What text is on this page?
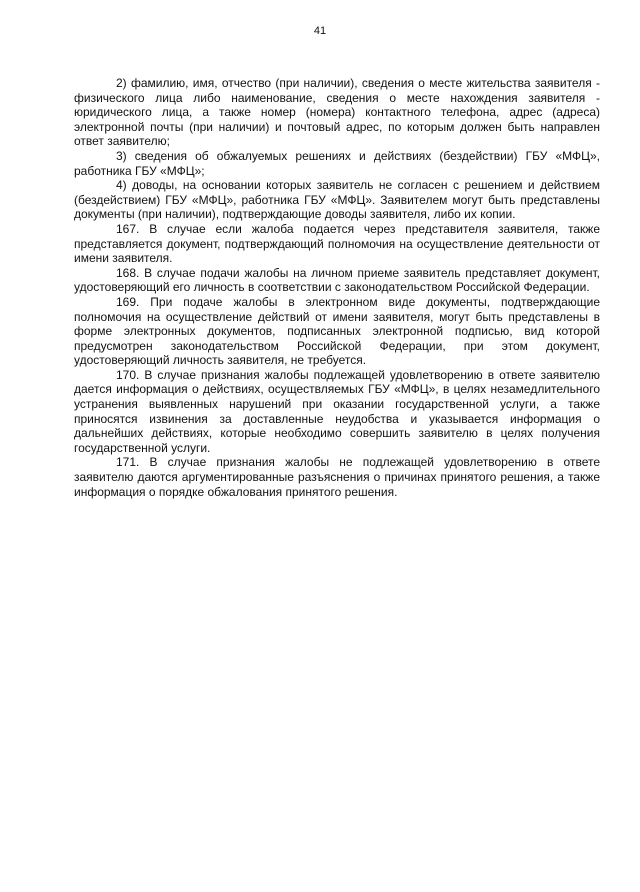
41

2) фамилию, имя, отчество (при наличии), сведения о месте жительства заявителя - физического лица либо наименование, сведения о месте нахождения заявителя - юридического лица, а также номер (номера) контактного телефона, адрес (адреса) электронной почты (при наличии) и почтовый адрес, по которым должен быть направлен ответ заявителю;

3) сведения об обжалуемых решениях и действиях (бездействии) ГБУ «МФЦ», работника ГБУ «МФЦ»;

4) доводы, на основании которых заявитель не согласен с решением и действием (бездействием) ГБУ «МФЦ», работника ГБУ «МФЦ». Заявителем могут быть представлены документы (при наличии), подтверждающие доводы заявителя, либо их копии.

167. В случае если жалоба подается через представителя заявителя, также представляется документ, подтверждающий полномочия на осуществление деятельности от имени заявителя.

168. В случае подачи жалобы на личном приеме заявитель представляет документ, удостоверяющий его личность в соответствии с законодательством Российской Федерации.

169. При подаче жалобы в электронном виде документы, подтверждающие полномочия на осуществление действий от имени заявителя, могут быть представлены в форме электронных документов, подписанных электронной подписью, вид которой предусмотрен законодательством Российской Федерации, при этом документ, удостоверяющий личность заявителя, не требуется.

170. В случае признания жалобы подлежащей удовлетворению в ответе заявителю дается информация о действиях, осуществляемых ГБУ «МФЦ», в целях незамедлительного устранения выявленных нарушений при оказании государственной услуги, а также приносятся извинения за доставленные неудобства и указывается информация о дальнейших действиях, которые необходимо совершить заявителю в целях получения государственной услуги.

171. В случае признания жалобы не подлежащей удовлетворению в ответе заявителю даются аргументированные разъяснения о причинах принятого решения, а также информация о порядке обжалования принятого решения.
